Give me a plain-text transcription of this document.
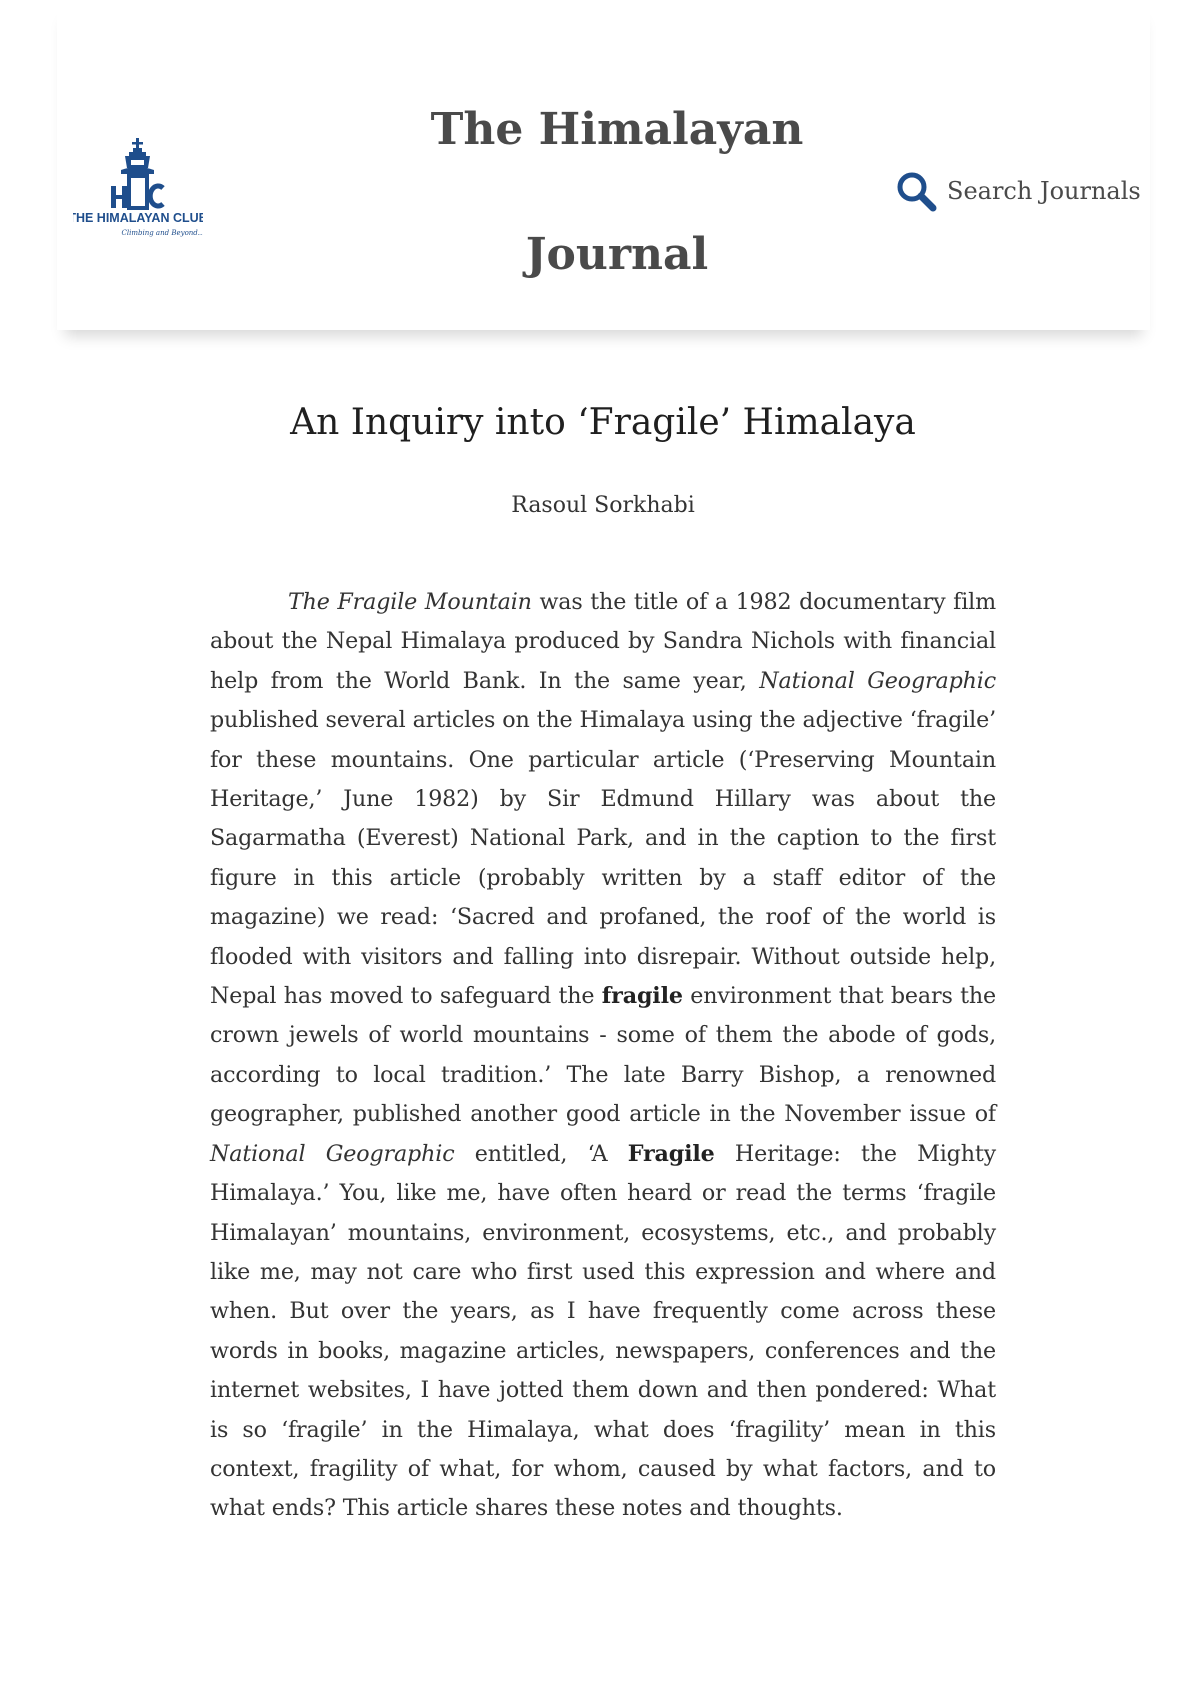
THE HIMALAYAN CLUB
Climbing and Beyond...
The Himalayan
Journal
Search Journals
An Inquiry into ‘Fragile’ Himalaya

Rasoul Sorkhabi

The Fragile Mountain was the title of a 1982 documentary film about the Nepal Himalaya produced by Sandra Nichols with financial help from the World Bank. In the same year, National Geographic published several articles on the Himalaya using the adjective ‘fragile’ for these mountains. One particular article (‘Preserving Mountain Heritage,’ June 1982) by Sir Edmund Hillary was about the Sagarmatha (Everest) National Park, and in the caption to the first figure in this article (probably written by a staff editor of the magazine) we read: ‘Sacred and profaned, the roof of the world is flooded with visitors and falling into disrepair. Without outside help, Nepal has moved to safeguard the fragile environment that bears the crown jewels of world mountains - some of them the abode of gods, according to local tradition.’ The late Barry Bishop, a renowned geographer, published another good article in the November issue of National Geographic entitled, ‘A Fragile Heritage: the Mighty Himalaya.’ You, like me, have often heard or read the terms ‘fragile Himalayan’ mountains, environment, ecosystems, etc., and probably like me, may not care who first used this expression and where and when. But over the years, as I have frequently come across these words in books, magazine articles, newspapers, conferences and the internet websites, I have jotted them down and then pondered: What is so ‘fragile’ in the Himalaya, what does ‘fragility’ mean in this context, fragility of what, for whom, caused by what factors, and to what ends? This article shares these notes and thoughts.
